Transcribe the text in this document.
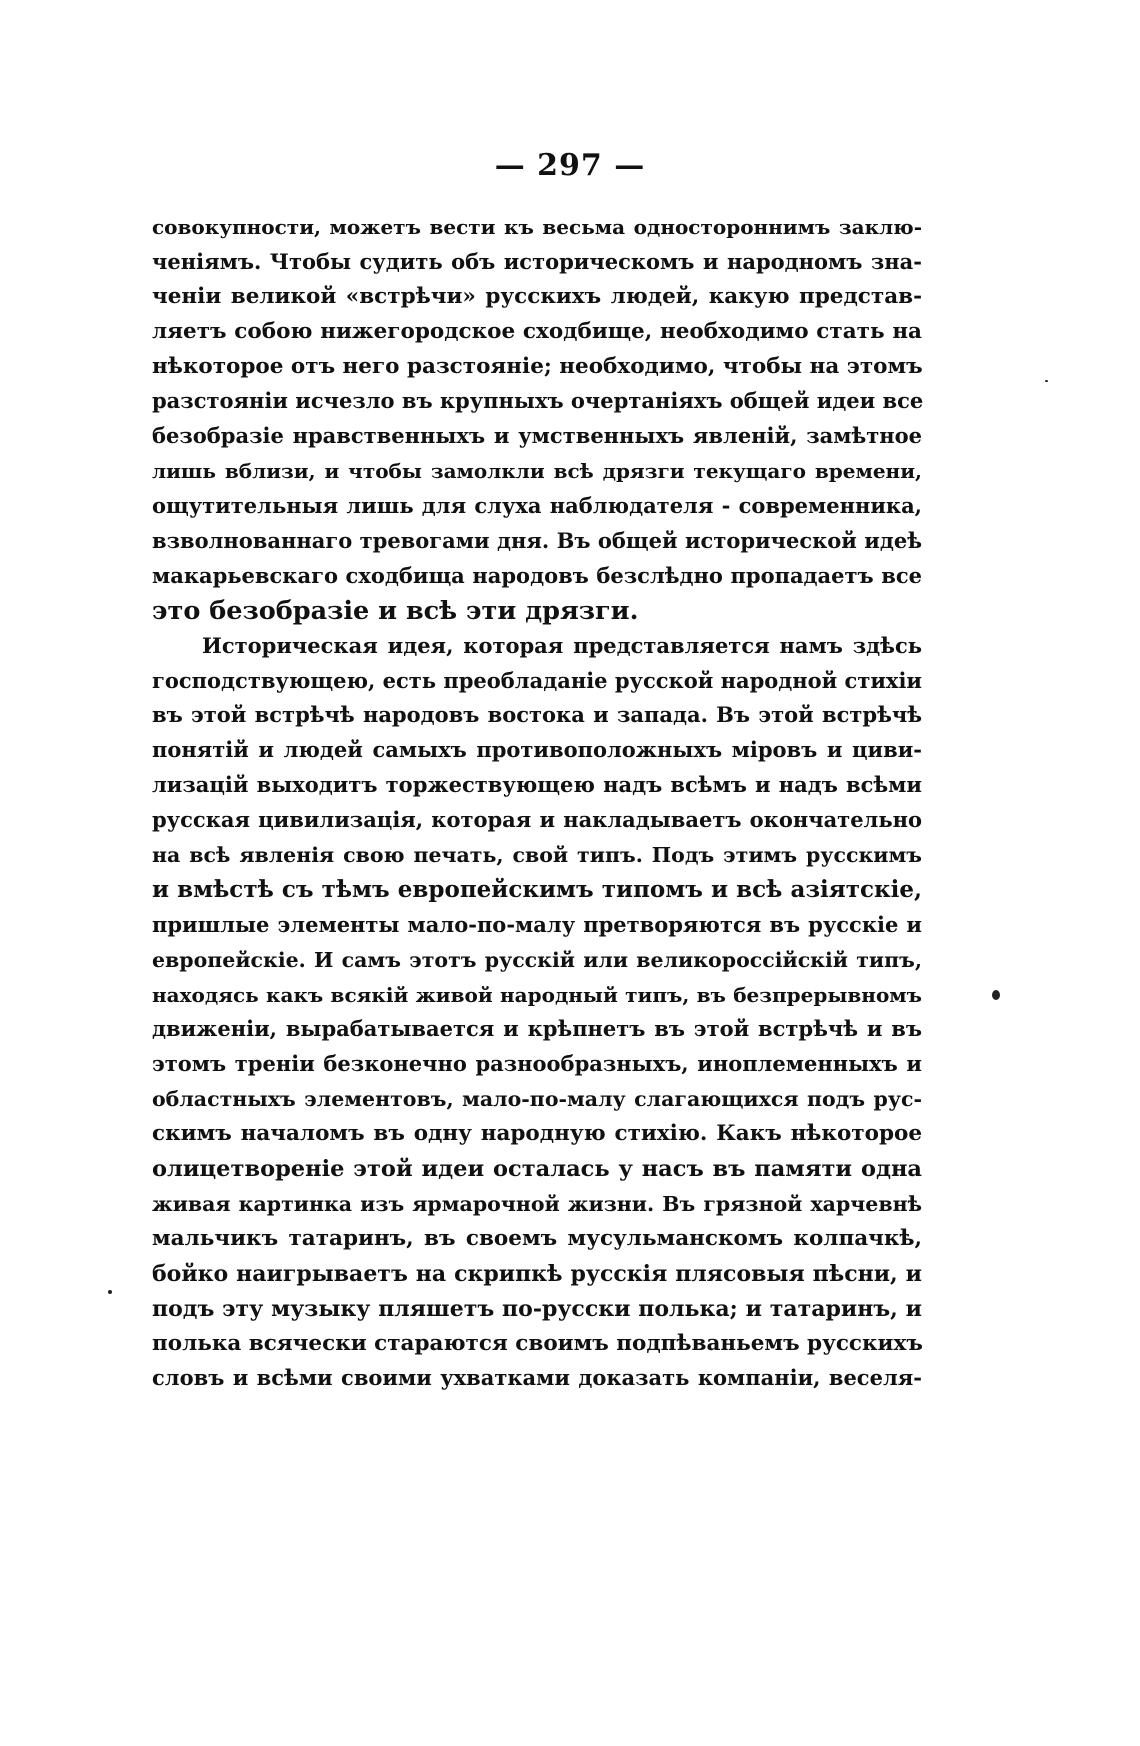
— 297 —
совокупности, можетъ вести къ весьма одностороннимъ заклю-
ченіямъ. Чтобы судить объ историческомъ и народномъ зна-
ченіи великой «встрѣчи» русскихъ людей, какую представ-
ляетъ собою нижегородское сходбище, необходимо стать на
нѣкоторое отъ него разстояніе; необходимо, чтобы на этомъ
разстояніи исчезло въ крупныхъ очертаніяхъ общей идеи все
безобразіе нравственныхъ и умственныхъ явленій, замѣтное
лишь вблизи, и чтобы замолкли всѣ дрязги текущаго времени,
ощутительныя лишь для слуха наблюдателя - современника,
взволнованнаго тревогами дня. Въ общей исторической идеѣ
макарьевскаго сходбища народовъ безслѣдно пропадаетъ все
это безобразіе и всѣ эти дрязги.
Историческая идея, которая представляется намъ здѣсь
господствующею, есть преобладаніе русской народной стихіи
въ этой встрѣчѣ народовъ востока и запада. Въ этой встрѣчѣ
понятій и людей самыхъ противоположныхъ міровъ и циви-
лизацій выходитъ торжествующею надъ всѣмъ и надъ всѣми
русская цивилизація, которая и накладываетъ окончательно
на всѣ явленія свою печать, свой типъ. Подъ этимъ русскимъ
и вмѣстѣ съ тѣмъ европейскимъ типомъ и всѣ азіятскіе,
пришлые элементы мало-по-малу претворяются въ русскіе и
европейскіе. И самъ этотъ русскій или великороссійскій типъ,
находясь какъ всякій живой народный типъ, въ безпрерывномъ
движеніи, вырабатывается и крѣпнетъ въ этой встрѣчѣ и въ
этомъ треніи безконечно разнообразныхъ, иноплеменныхъ и
областныхъ элементовъ, мало-по-малу слагающихся подъ рус-
скимъ началомъ въ одну народную стихію. Какъ нѣкоторое
олицетвореніе этой идеи осталась у насъ въ памяти одна
живая картинка изъ ярмарочной жизни. Въ грязной харчевнѣ
мальчикъ татаринъ, въ своемъ мусульманскомъ колпачкѣ,
бойко наигрываетъ на скрипкѣ русскія плясовыя пѣсни, и
подъ эту музыку пляшетъ по-русски полька; и татаринъ, и
полька всячески стараются своимъ подпѣваньемъ русскихъ
словъ и всѣми своими ухватками доказать компаніи, веселя-
